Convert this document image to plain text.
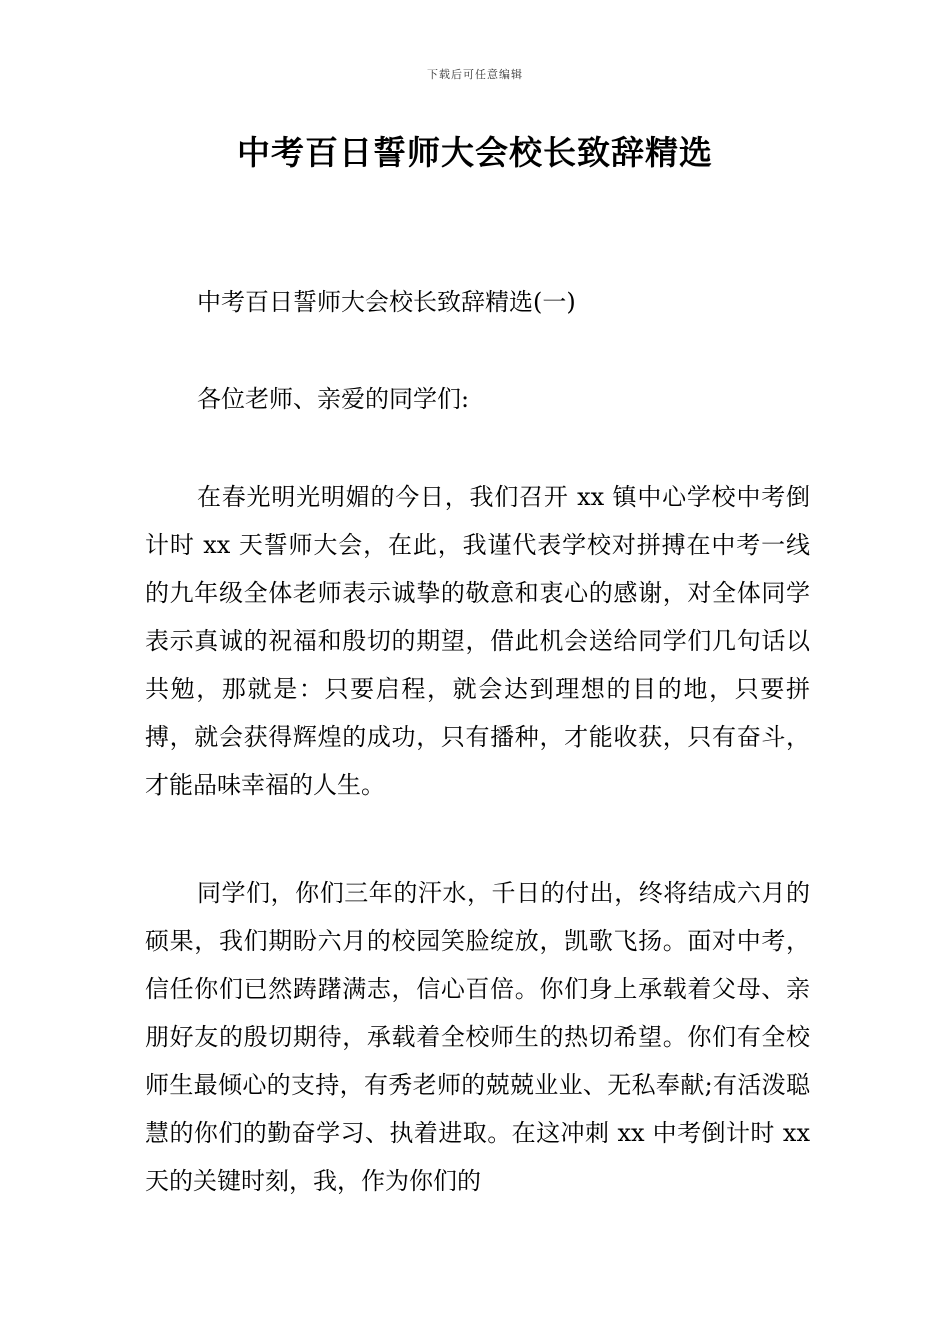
下载后可任意编辑
中考百日誓师大会校长致辞精选

中考百日誓师大会校长致辞精选(一)

各位老师、亲爱的同学们:

在春光明光明媚的今日，我们召开 xx 镇中心学校中考倒计时 xx 天誓师大会，在此，我谨代表学校对拼搏在中考一线的九年级全体老师表示诚挚的敬意和衷心的感谢，对全体同学表示真诚的祝福和殷切的期望，借此机会送给同学们几句话以共勉，那就是：只要启程，就会达到理想的目的地，只要拼搏，就会获得辉煌的成功，只有播种，才能收获，只有奋斗，才能品味幸福的人生。

同学们，你们三年的汗水，千日的付出，终将结成六月的硕果，我们期盼六月的校园笑脸绽放，凯歌飞扬。面对中考，信任你们已然踌躇满志，信心百倍。你们身上承载着父母、亲朋好友的殷切期待，承载着全校师生的热切希望。你们有全校师生最倾心的支持，有秀老师的兢兢业业、无私奉献;有活泼聪慧的你们的勤奋学习、执着进取。在这冲刺 xx 中考倒计时 xx 天的关键时刻，我，作为你们的
